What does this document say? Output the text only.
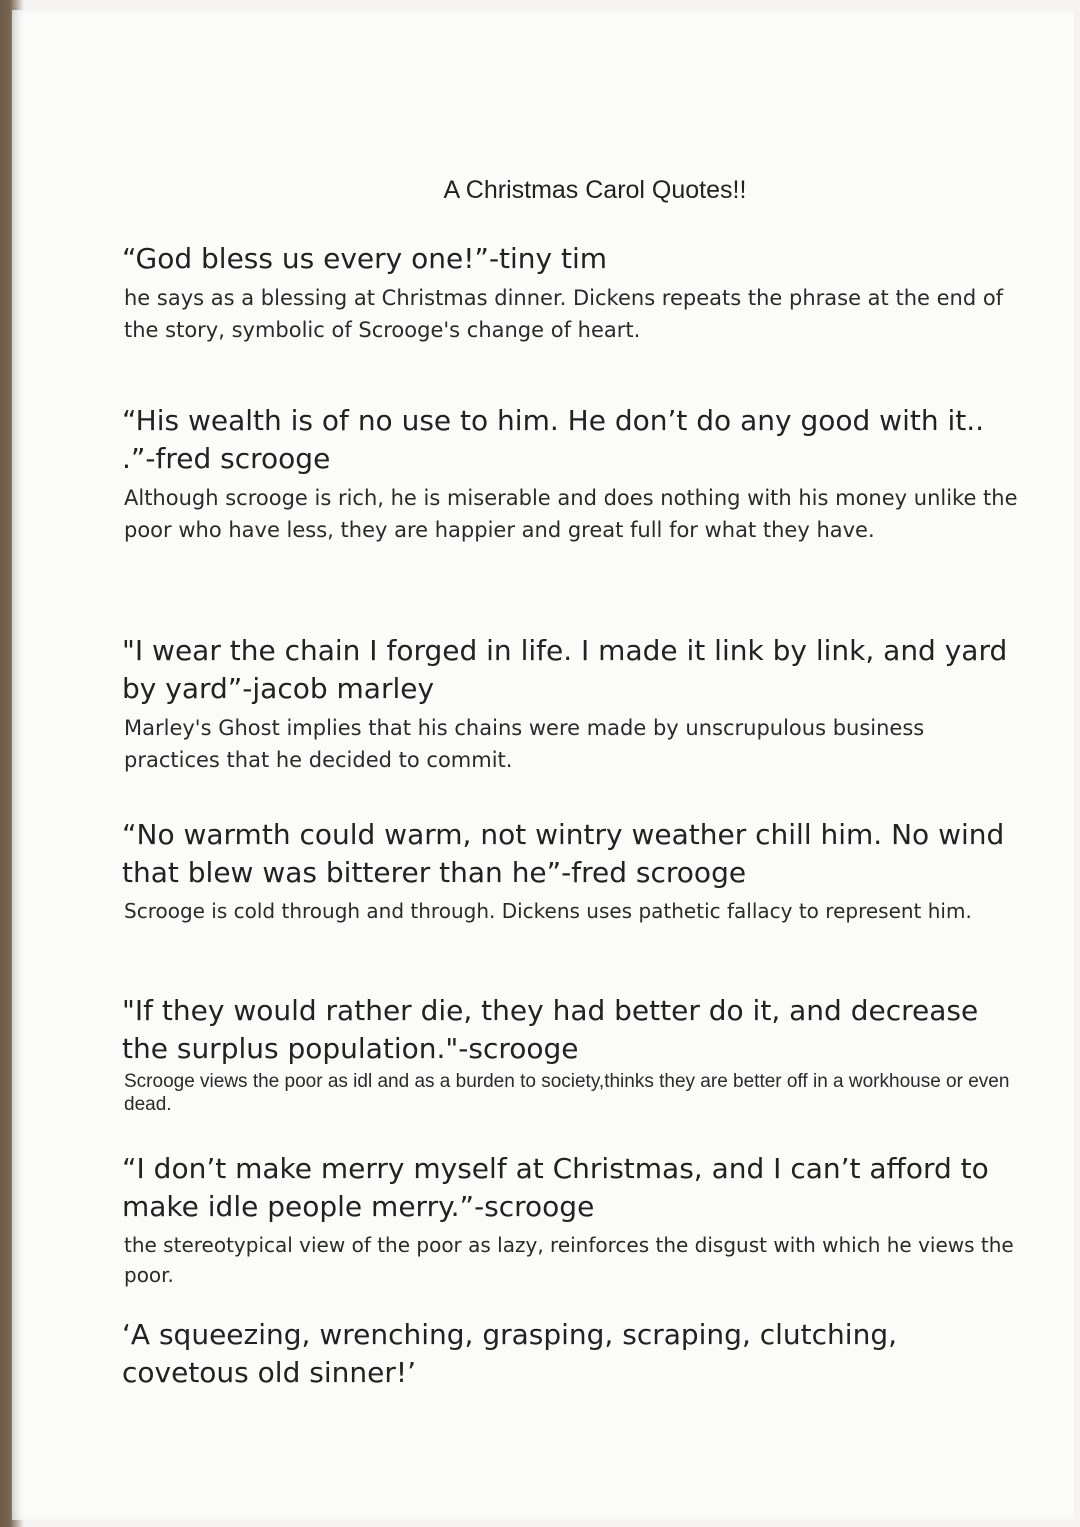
A Christmas Carol Quotes!!

“God bless us every one!”-tiny tim

he says as a blessing at Christmas dinner. Dickens repeats the phrase at the end of the story, symbolic of Scrooge's change of heart.

“His wealth is of no use to him. He don’t do any good with it.. .”-fred scrooge

Although scrooge is rich, he is miserable and does nothing with his money unlike the poor who have less, they are happier and great full for what they have.

"I wear the chain I forged in life. I made it link by link, and yard by yard”-jacob marley

Marley's Ghost implies that his chains were made by unscrupulous business practices that he decided to commit.

“No warmth could warm, not wintry weather chill him. No wind that blew was bitterer than he”-fred scrooge

Scrooge is cold through and through. Dickens uses pathetic fallacy to represent him.

"If they would rather die, they had better do it, and decrease the surplus population."-scrooge

Scrooge views the poor as idl and as a burden to society,thinks they are better off in a workhouse or even dead.

“I don’t make merry myself at Christmas, and I can’t afford to make idle people merry.”-scrooge

the stereotypical view of the poor as lazy, reinforces the disgust with which he views the poor.

‘A squeezing, wrenching, grasping, scraping, clutching, covetous old sinner!’
